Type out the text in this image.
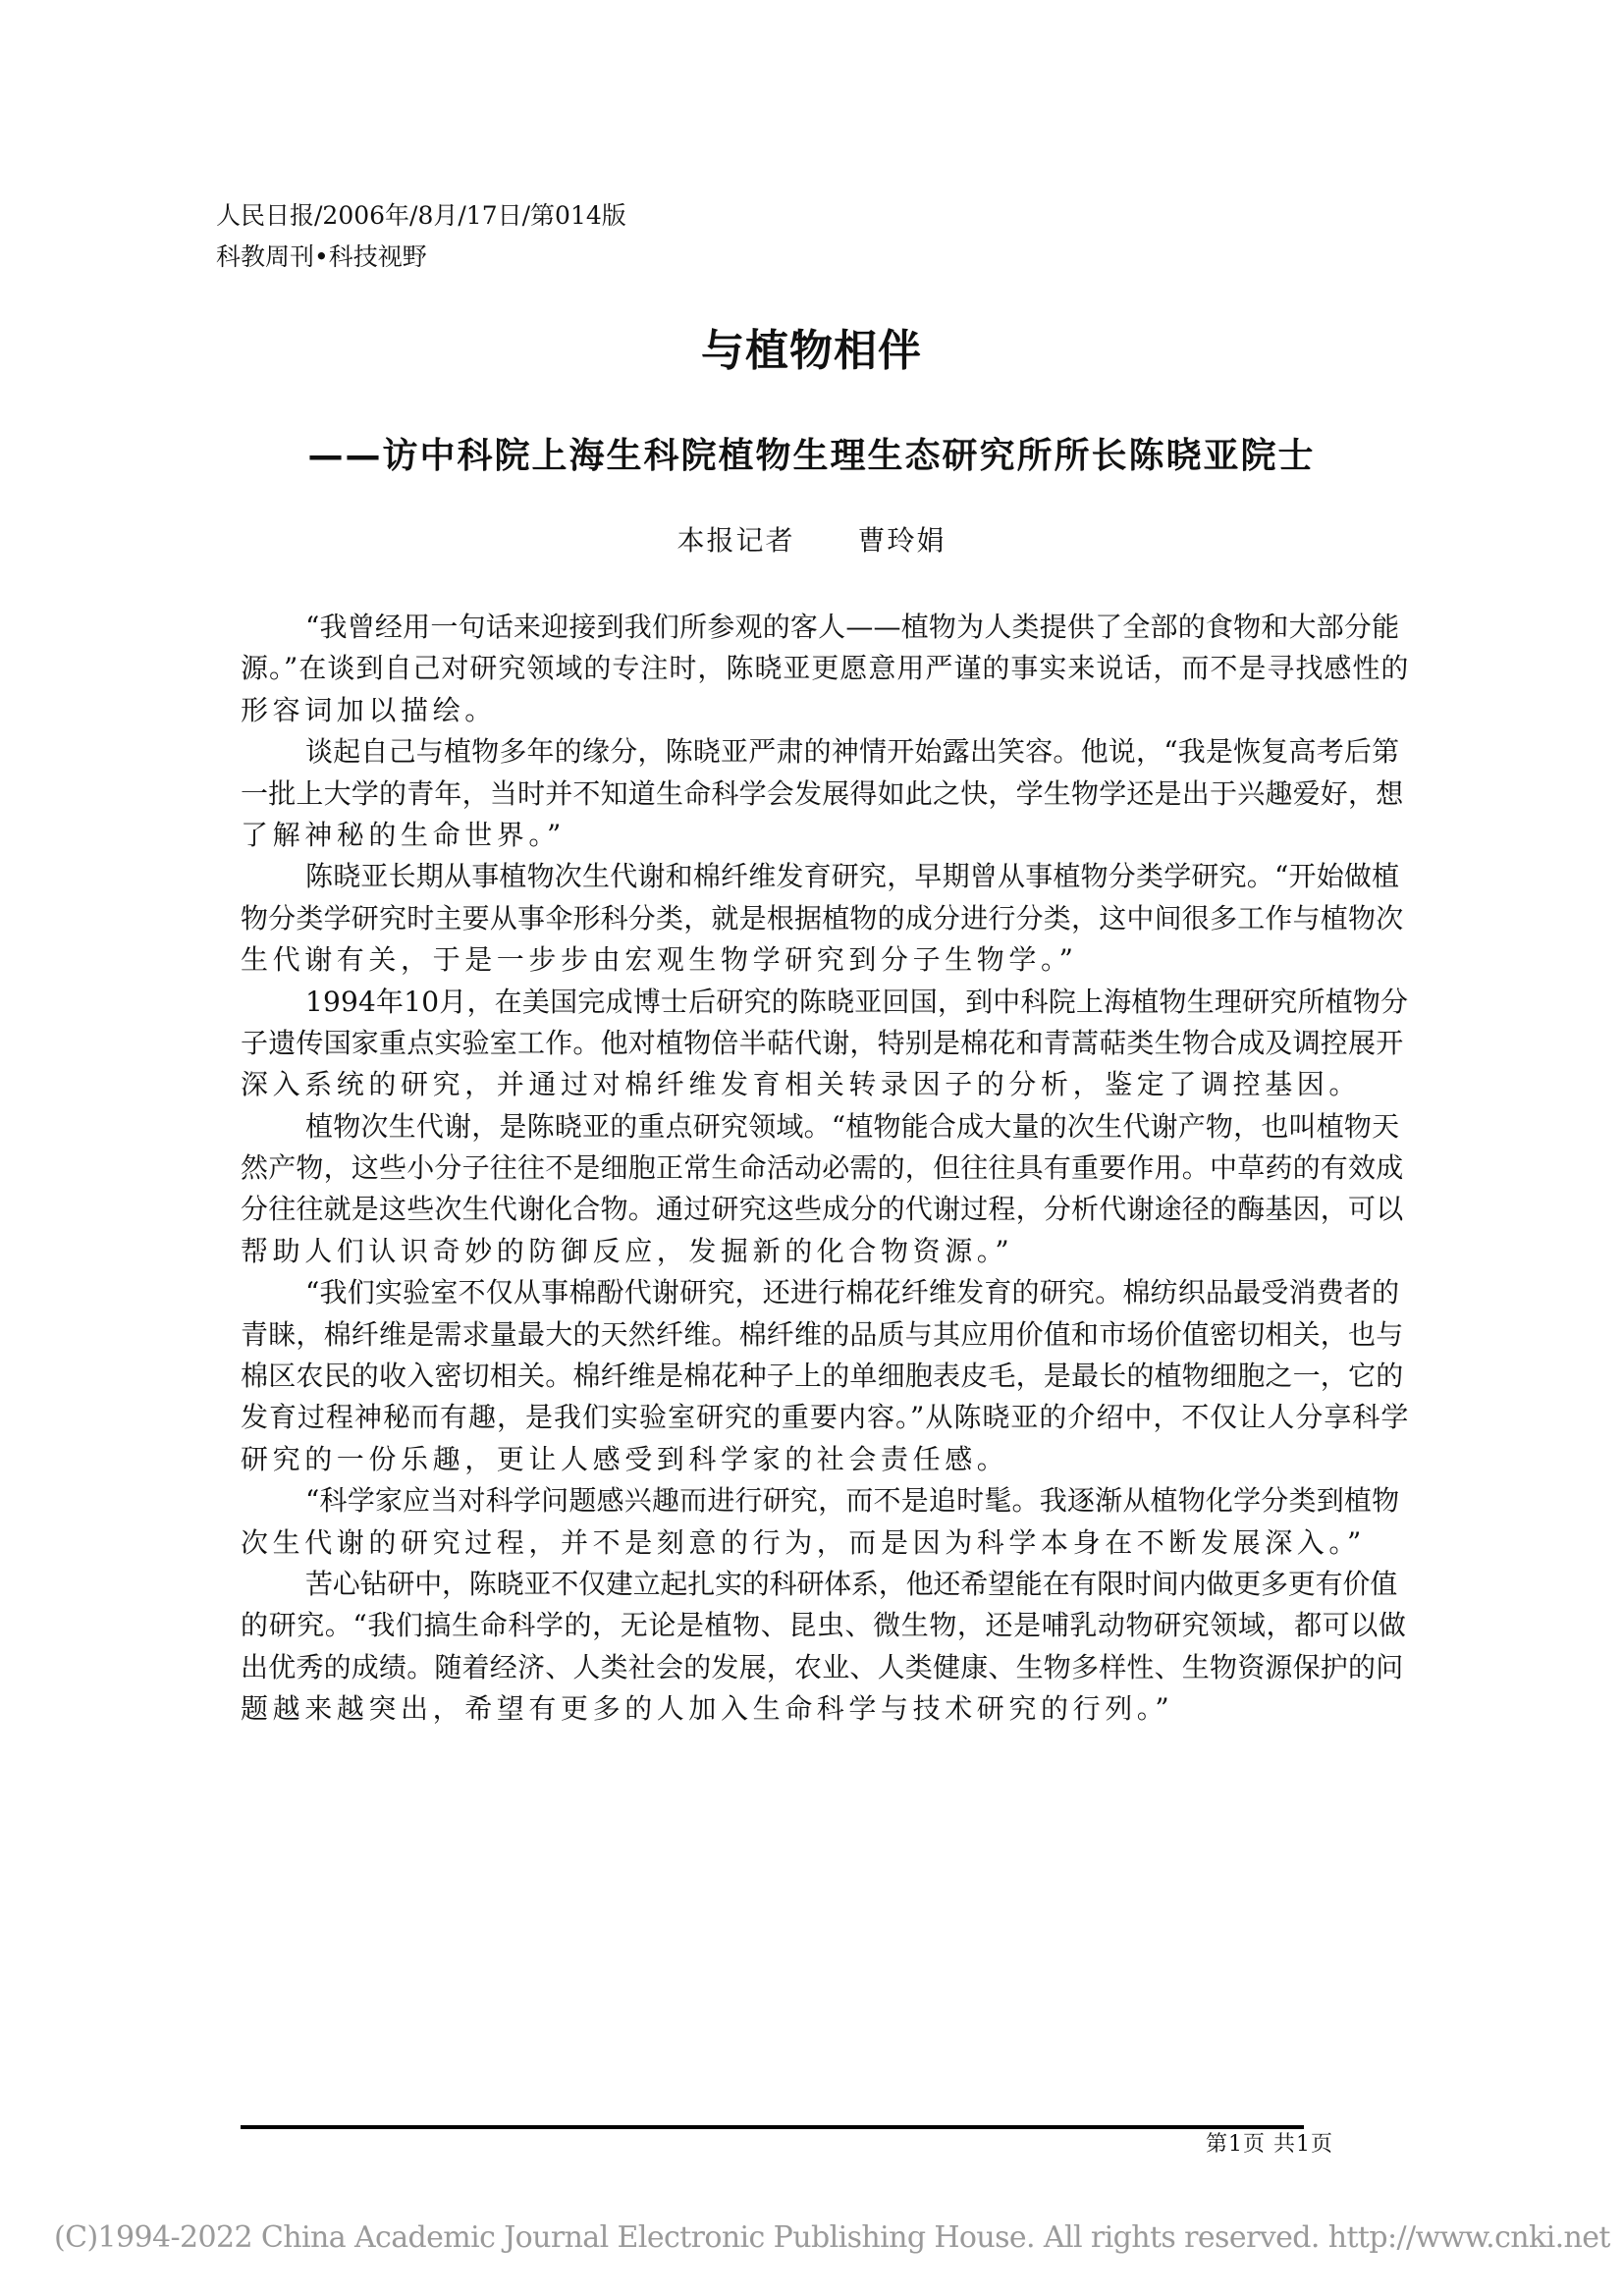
人民日报/2006年/8月/17日/第014版
科教周刊•科技视野
与植物相伴
——访中科院上海生科院植物生理生态研究所所长陈晓亚院士
本报记者 曹玲娟
“我曾经用一句话来迎接到我们所参观的客人——植物为人类提供了全部的食物和大部分能
源。”在谈到自己对研究领域的专注时，陈晓亚更愿意用严谨的事实来说话，而不是寻找感性的
形容词加以描绘。
谈起自己与植物多年的缘分，陈晓亚严肃的神情开始露出笑容。他说，“我是恢复高考后第
一批上大学的青年，当时并不知道生命科学会发展得如此之快，学生物学还是出于兴趣爱好，想
了解神秘的生命世界。”
陈晓亚长期从事植物次生代谢和棉纤维发育研究，早期曾从事植物分类学研究。“开始做植
物分类学研究时主要从事伞形科分类，就是根据植物的成分进行分类，这中间很多工作与植物次
生代谢有关，于是一步步由宏观生物学研究到分子生物学。”
1994年10月，在美国完成博士后研究的陈晓亚回国，到中科院上海植物生理研究所植物分
子遗传国家重点实验室工作。他对植物倍半萜代谢，特别是棉花和青蒿萜类生物合成及调控展开
深入系统的研究，并通过对棉纤维发育相关转录因子的分析，鉴定了调控基因。
植物次生代谢，是陈晓亚的重点研究领域。“植物能合成大量的次生代谢产物，也叫植物天
然产物，这些小分子往往不是细胞正常生命活动必需的，但往往具有重要作用。中草药的有效成
分往往就是这些次生代谢化合物。通过研究这些成分的代谢过程，分析代谢途径的酶基因，可以
帮助人们认识奇妙的防御反应，发掘新的化合物资源。”
“我们实验室不仅从事棉酚代谢研究，还进行棉花纤维发育的研究。棉纺织品最受消费者的
青睐，棉纤维是需求量最大的天然纤维。棉纤维的品质与其应用价值和市场价值密切相关，也与
棉区农民的收入密切相关。棉纤维是棉花种子上的单细胞表皮毛，是最长的植物细胞之一，它的
发育过程神秘而有趣，是我们实验室研究的重要内容。”从陈晓亚的介绍中，不仅让人分享科学
研究的一份乐趣，更让人感受到科学家的社会责任感。
“科学家应当对科学问题感兴趣而进行研究，而不是追时髦。我逐渐从植物化学分类到植物
次生代谢的研究过程，并不是刻意的行为，而是因为科学本身在不断发展深入。”
苦心钻研中，陈晓亚不仅建立起扎实的科研体系，他还希望能在有限时间内做更多更有价值
的研究。“我们搞生命科学的，无论是植物、昆虫、微生物，还是哺乳动物研究领域，都可以做
出优秀的成绩。随着经济、人类社会的发展，农业、人类健康、生物多样性、生物资源保护的问
题越来越突出，希望有更多的人加入生命科学与技术研究的行列。”
第1页 共1页
(C)1994-2022 China Academic Journal Electronic Publishing House. All rights reserved. http://www.cnki.net
